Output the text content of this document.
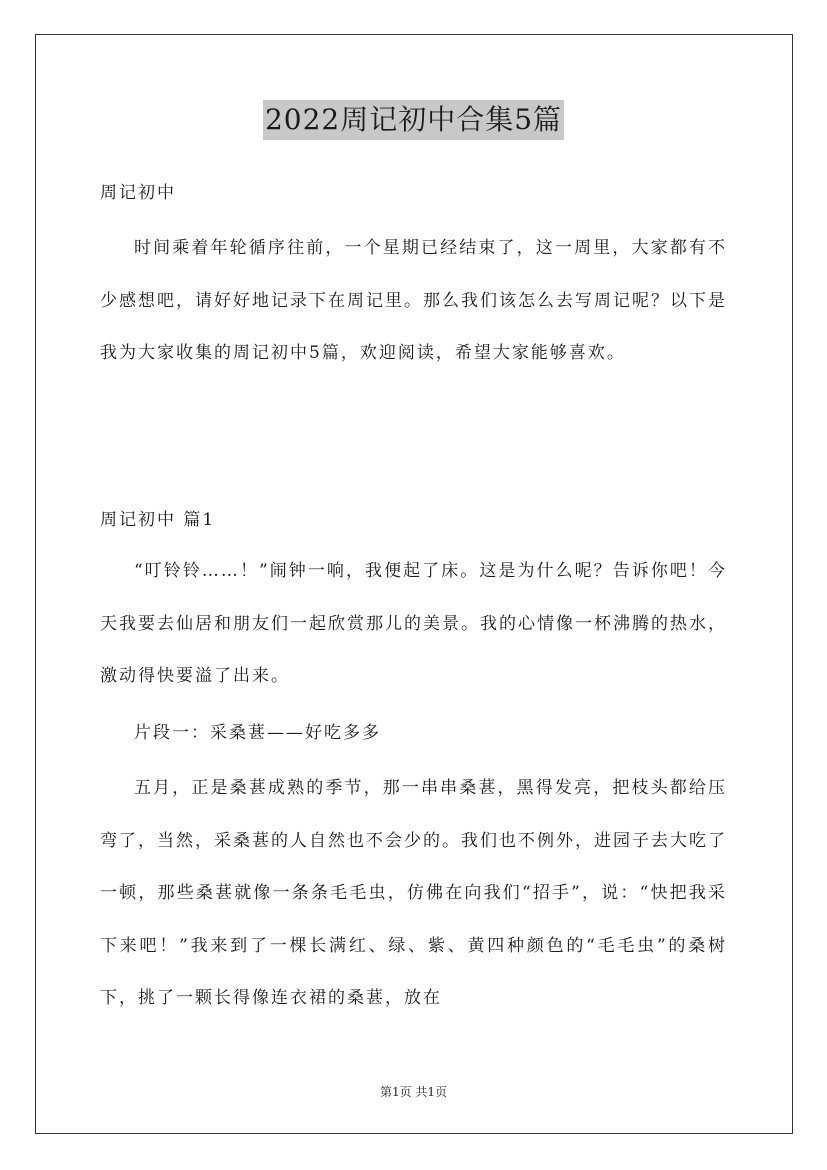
2022周记初中合集5篇
周记初中
时间乘着年轮循序往前，一个星期已经结束了，这一周里，大家都有不少感想吧，请好好地记录下在周记里。那么我们该怎么去写周记呢？以下是我为大家收集的周记初中5篇，欢迎阅读，希望大家能够喜欢。
周记初中 篇1
“叮铃铃……！”闹钟一响，我便起了床。这是为什么呢？告诉你吧！今天我要去仙居和朋友们一起欣赏那儿的美景。我的心情像一杯沸腾的热水，激动得快要溢了出来。
片段一：采桑葚——好吃多多
五月，正是桑葚成熟的季节，那一串串桑葚，黑得发亮，把枝头都给压弯了，当然，采桑葚的人自然也不会少的。我们也不例外，进园子去大吃了一顿，那些桑葚就像一条条毛毛虫，仿佛在向我们“招手”，说：“快把我采下来吧！”我来到了一棵长满红、绿、紫、黄四种颜色的“毛毛虫”的桑树下，挑了一颗长得像连衣裙的桑葚，放在
第1页 共1页
